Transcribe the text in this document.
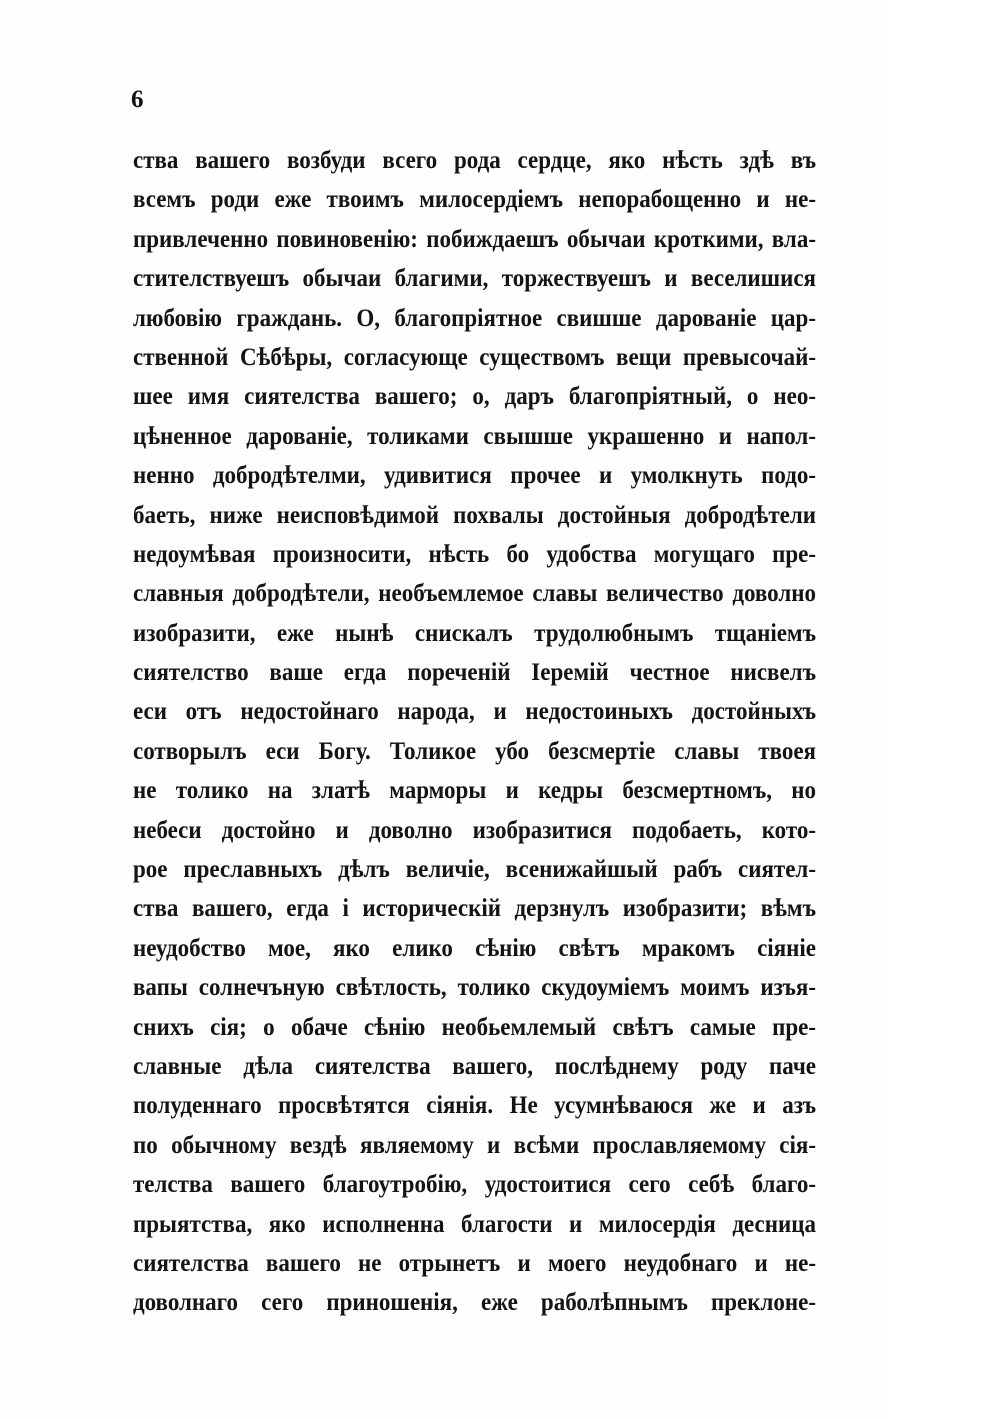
6
ства вашего возбуди всего рода сердце, яко нѣсть здѣ въ
всемъ роди еже твоимъ милосердіемъ непорабощенно и не-
привлеченно повиновенію: побиждаешъ обычаи кроткими, вла-
стителствуешъ обычаи благими, торжествуешъ и веселишися
любовію граждань. О, благопріятное свишше дарованіе цар-
ственной Сѣбѣры, согласующе существомъ вещи превысочай-
шее имя сиятелства вашего; о, даръ благопріятный, о нео-
цѣненное дарованіе, толиками свышше украшенно и напол-
ненно добродѣтелми, удивитися прочее и умолкнуть подо-
баеть, ниже неисповѣдимой похвалы достойныя добродѣтели
недоумѣвая произносити, нѣсть бо удобства могущаго пре-
славныя добродѣтели, необъемлемое славы величество доволно
изобразити, еже нынѣ снискалъ трудолюбнымъ тщаніемъ
сиятелство ваше егда пореченій Іеремій честное нисвелъ
еси отъ недостойнаго народа, и недостоиныхъ достойныхъ
сотворылъ еси Богу. Толикое убо безсмертіе славы твоея
не толико на златѣ марморы и кедры безсмертномъ, но
небеси достойно и доволно изобразитися подобаеть, кото-
рое преславныхъ дѣлъ величіе, всенижайшый рабъ сиятел-
ства вашего, егда і историческій дерзнулъ изобразити; вѣмъ
неудобство мое, яко елико сѣнію свѣтъ мракомъ сіяніе
вапы солнечъную свѣтлость, толико скудоуміемъ моимъ изъя-
снихъ сія; о обаче сѣнію необьемлемый свѣтъ самые пре-
славные дѣла сиятелства вашего, послѣднему роду паче
полуденнаго просвѣтятся сіянія. Не усумнѣваюся же и азъ
по обычному вездѣ являемому и всѣми прославляемому сія-
телства вашего благоутробію, удостоитися сего себѣ благо-
прыятства, яко исполненна благости и милосердія десница
сиятелства вашего не отрынетъ и моего неудобнаго и не-
доволнаго сего приношенія, еже раболѣпнымъ преклоне-
